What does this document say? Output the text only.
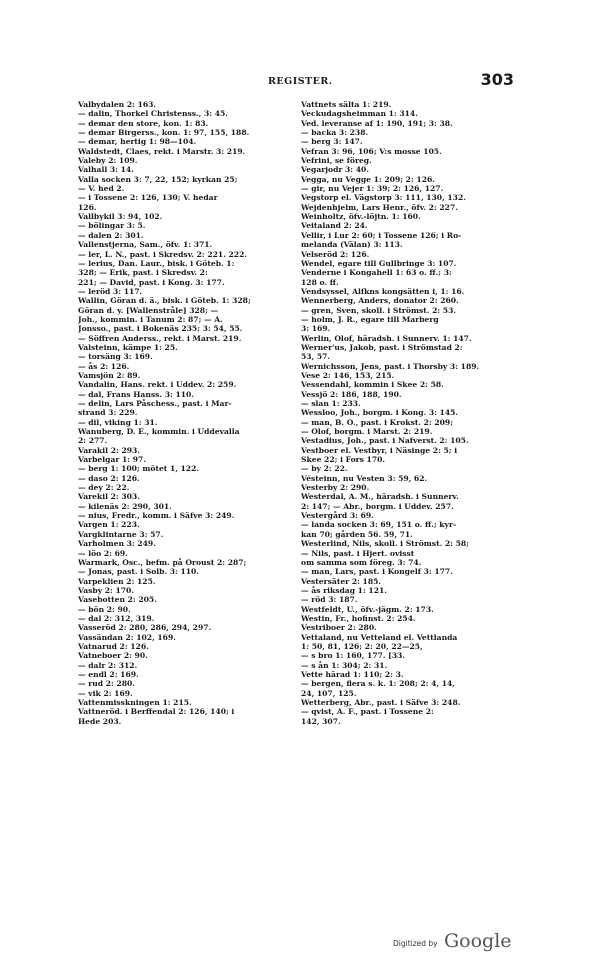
REGISTER.	303
Valbydalen 2: 163.
— dalin, Thorkel Christenss., 3: 45.
— demar den store, kon. 1: 83.
— demar Birgerss., kon. 1: 97, 155, 188.
— demar, hertig 1: 98—104.
Waldstedt, Claes, rekt. i Marstr. 3: 219.
Valeby 2: 109.
Valhall 3: 14.
Valla socken 3: 7, 22, 152; kyrkan 25;
— V. hed 2.
— i Tossene 2: 126, 130; V. hedar
126.
Vallbykil 3: 94, 102.
— bölingar 3: 5.
— dalen 2: 301.
Vallenstjerna, Sam., öfv. 1: 371.
— ler, L. N., past. i Skredsv. 2: 221. 222.
— lerius, Dan. Laur., bisk. i Göteb. 1:
328; — Erik, past. i Skredsv. 2:
221; — David, past. i Kong. 3: 177.
— leröd 3: 117.
Wallin, Göran d. ä., bisk. i Göteb. 1: 328;
Göran d. y. [Wallenstråle] 328; —
Joh., kommin. i Tanum 2: 87; — A.
Jonsso., past. i Bokenäs 235; 3: 54, 55.
— Söffren Anderss., rekt. i Marst. 219.
Valsteinn, kämpe 1: 25.
— torsäng 3: 169.
— ås 2: 126.
Vamsjön 2: 89.
Vandalin, Hans. rekt. i Uddev. 2: 259.
— dal, Frans Hanss. 3: 110.
— delin, Lars Påschess., past. i Mar-
strand 3: 229.
— dil, viking 1: 31.
Wanuberg, D. E., kommin. i Uddevalla
2: 277.
Varakil 2: 293.
Varbelgar 1: 97.
— berg 1: 100; mötet 1, 122.
— daso 2: 126.
— dey 2: 22.
Varekil 2: 303.
— kilenäs 2: 290, 301.
— nius, Fredr., komm. i Säfve 3: 249.
Vargen 1: 223.
Vargklintarne 3: 57.
Varholmen 3: 249.
— löo 2: 69.
Warmark, Osc., befm. på Oroust 2: 287;
— Jonas, past. i Solb. 3: 110.
Varpeklien 2: 125.
Vasby 2: 170.
Vasebotten 2: 205.
— bön 2: 90.
— dal 2: 312, 319.
Vasseröd 2: 280, 286, 294, 297.
Vassändan 2: 102, 169.
Vatnarud 2: 126.
Vatneboer 2: 90.
— dalr 2: 312.
— endl 2: 169.
— rud 2: 280.
— vik 2: 169.
Vattenmisskningen 1: 215.
Vattneröd. i Berffendal 2: 126, 140; i
Hede 203.
Vattnets sälta 1: 219.
Veckudagsheimman 1: 314.
Ved. leveranse af 1: 190, 191; 3: 38.
— backa 3: 238.
— berg 3: 147.
Vefran 3: 96, 106; V:s mosse 105.
Vefrini, se föreg.
Vegarjodr 3: 40.
Vegga, nu Vegge 1: 209; 2: 126.
— gir, nu Vejer 1: 39; 2: 126, 127.
Vegstorp el. Vägstorp 3: 111, 130, 132.
Wejdenhjelm, Lars Henr., öfv. 2: 227.
Weinholtz, öfv.-löjtn. 1: 160.
Veitaland 2: 24.
Vellir, i Lur 2: 60; i Tossene 126; i Ro-
melanda (Välan) 3: 113.
Velseröd 2: 126.
Wendel, egare till Gullbringe 3: 107.
Venderne i Kongahell 1: 63 o. ff.; 3:
128 o. ff.
Vendsyssel, Alfkns kongsätten i, 1: 16.
Wennerberg, Anders, donator 2: 260.
— gren, Sven, skoll. i Strömst. 2: 53.
— holm, J. R., egare till Marberg
3: 169.
Werlin, Olof, häradsh. i Sunnerv. 1: 147.
Werner'us, Jakob, past. i Strömstad 2:
53, 57.
Wernichsson, Jens, past. i Thorsby 3: 189.
Vese 2: 146, 153, 215.
Vessendahl, kommin i Skee 2: 58.
Vessjö 2: 186, 188, 190.
— slan 1: 233.
Wessloo, Joh., borgm. i Kong. 3: 145.
— man, B. O., past. i Krokst. 2: 209;
— Olof, borgm. i Marst. 2: 219.
Vestadius, Joh., past. i Nafverst. 2: 105.
Vestboer el. Vestbyr, i Näsinge 2: 5; i
Skee 22; i Fors 170.
— by 2: 22.
Vésteinn, nu Vesten 3: 59, 62.
Vesterby 2: 290.
Westerdal, A. M., häradsh. i Sunnerv.
2: 147; — Abr., borgm. i Uddev. 257.
Vestergård 3: 69.
— landa socken 3: 69, 151 o. ff.; kyr-
kan 70; gården 56. 59, 71.
Westerlind, Nils, skoll. i Strömst. 2: 58;
— Nils, past. i Hjert. ovisst
om samma som föreg. 3: 74.
— man, Lars, past. i Kongelf 3: 177.
Vestersäter 2: 185.
— ås riksdag 1: 121.
— röd 3: 187.
Westfeldt, U., öfv.-jägm. 2: 173.
Westin, Fr., hofinst. 2: 254.
Vestriboer 2: 280.
Vettaland, nu Vetteland el. Vettlanda
1: 50, 81, 126; 2: 20, 22—25,
— s bro 1: 160, 177. [33.
— s ån 1: 304; 2: 31.
Vette härad 1: 110; 2: 3.
— bergen, flera s. k. 1: 208; 2: 4, 14,
24, 107, 125.
Wetterberg, Abr., past. i Säfve 3: 248.
— qvist, A. F., past. i Tossene 2:
142, 307.
Digitized by Google
